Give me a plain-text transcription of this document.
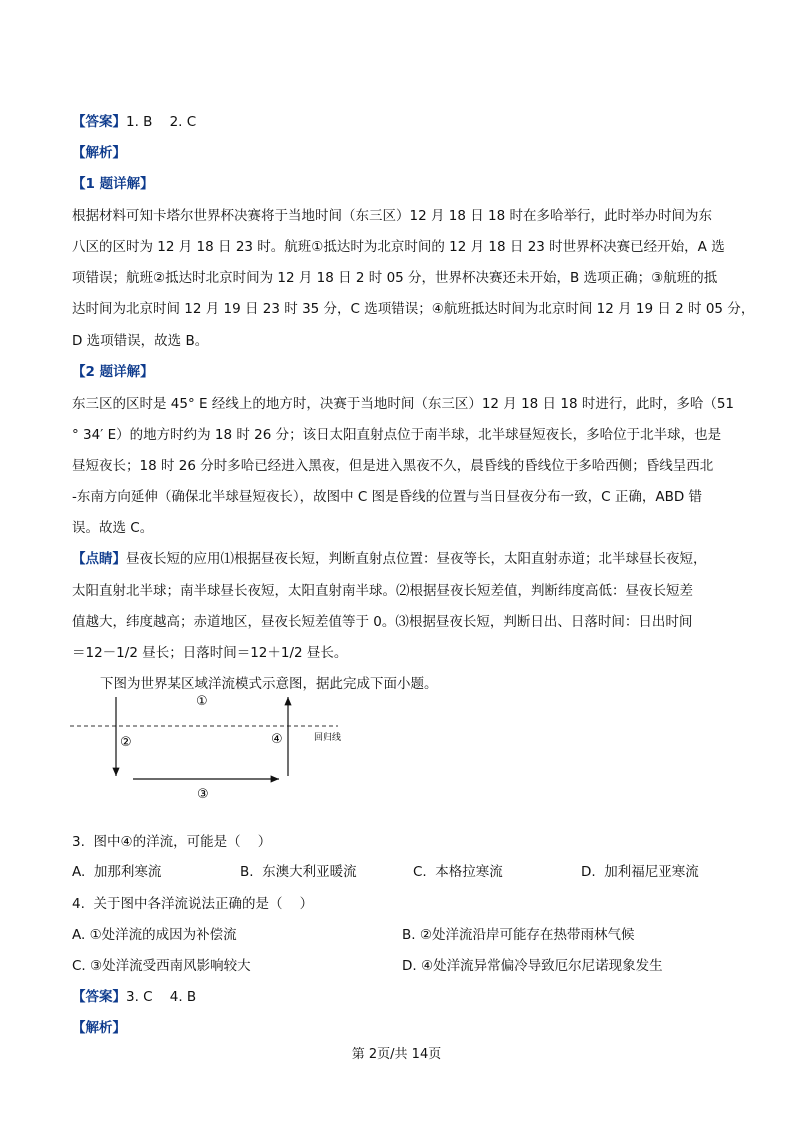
【答案】1. B    2. C
【解析】
【1 题详解】
根据材料可知卡塔尔世界杯决赛将于当地时间（东三区）12 月 18 日 18 时在多哈举行，此时举办时间为东
八区的区时为 12 月 18 日 23 时。航班①抵达时为北京时间的 12 月 18 日 23 时世界杯决赛已经开始，A 选
项错误；航班②抵达时北京时间为 12 月 18 日 2 时 05 分，世界杯决赛还未开始，B 选项正确；③航班的抵
达时间为北京时间 12 月 19 日 23 时 35 分，C 选项错误；④航班抵达时间为北京时间 12 月 19 日 2 时 05 分，
D 选项错误，故选 B。
【2 题详解】
东三区的区时是 45° E 经线上的地方时，决赛于当地时间（东三区）12 月 18 日 18 时进行，此时，多哈（51
° 34′ E）的地方时约为 18 时 26 分；该日太阳直射点位于南半球，北半球昼短夜长，多哈位于北半球，也是
昼短夜长；18 时 26 分时多哈已经进入黑夜，但是进入黑夜不久，晨昏线的昏线位于多哈西侧；昏线呈西北
-东南方向延伸（确保北半球昼短夜长），故图中 C 图是昏线的位置与当日昼夜分布一致，C 正确，ABD 错
误。故选 C。
【点睛】昼夜长短的应用⑴根据昼夜长短，判断直射点位置：昼夜等长，太阳直射赤道；北半球昼长夜短，
太阳直射北半球；南半球昼长夜短，太阳直射南半球。⑵根据昼夜长短差值，判断纬度高低：昼夜长短差
值越大，纬度越高；赤道地区，昼夜长短差值等于 0。⑶根据昼夜长短，判断日出、日落时间：日出时间
＝12－1/2 昼长；日落时间＝12＋1/2 昼长。
下图为世界某区域洋流模式示意图，据此完成下面小题。
①
②
③
④	回归线
3.  图中④的洋流，可能是（    ）
A.  加那利寒流	B.  东澳大利亚暖流	C.  本格拉寒流	D.  加利福尼亚寒流
4.  关于图中各洋流说法正确的是（    ）
A. ①处洋流的成因为补偿流	B. ②处洋流沿岸可能存在热带雨林气候
C. ③处洋流受西南风影响较大	D. ④处洋流异常偏冷导致厄尔尼诺现象发生
【答案】3. C    4. B
【解析】
第 2页/共 14页
